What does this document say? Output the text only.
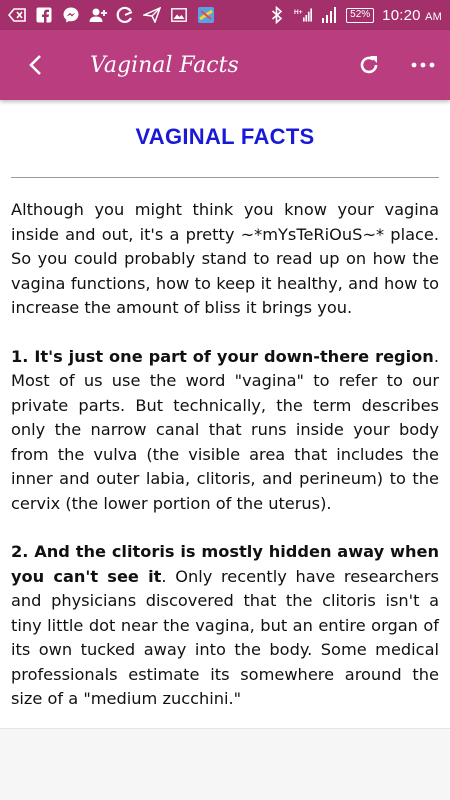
H+	52% 10:20 AM
Vaginal Facts
VAGINAL FACTS

Although you might think you know your vagina inside and out, it's a pretty ~*mYsTeRiOuS~* place. So you could probably stand to read up on how the vagina functions, how to keep it healthy, and how to increase the amount of bliss it brings you.

1. It's just one part of your down-there region. Most of us use the word "vagina" to refer to our private parts. But technically, the term describes only the narrow canal that runs inside your body from the vulva (the visible area that includes the inner and outer labia, clitoris, and perineum) to the cervix (the lower portion of the uterus).

2. And the clitoris is mostly hidden away when you can't see it. Only recently have researchers and physicians discovered that the clitoris isn't a tiny little dot near the vagina, but an entire organ of its own tucked away into the body. Some medical professionals estimate its somewhere around the size of a "medium zucchini."
